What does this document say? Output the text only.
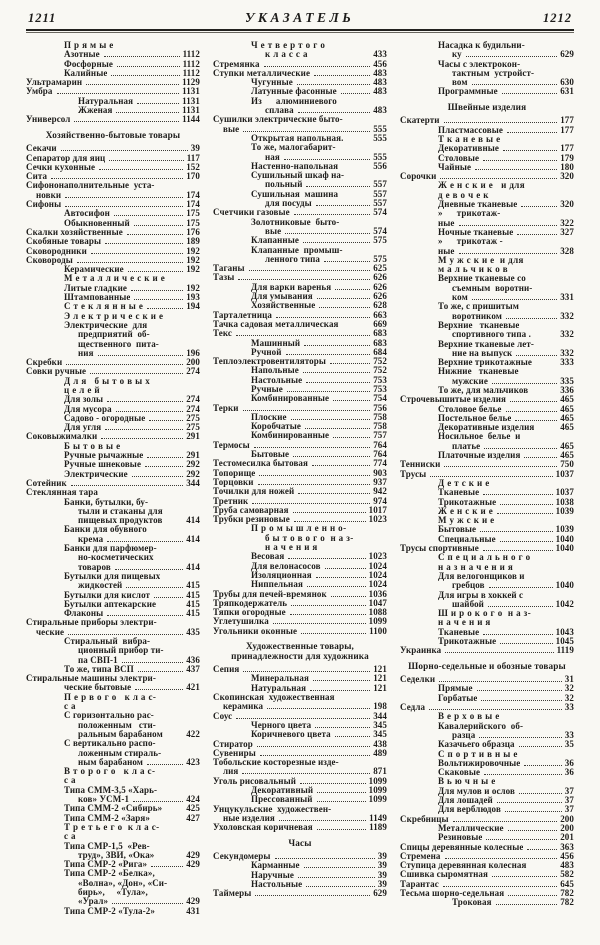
1211	УКАЗАТЕЛЬ	1212
П р я м ы е
Азотные	1112
Фосфорные	1112
Калийные	1112
Ультрамарин	1129
Умбра	1131
Натуральная	1131
Жженая	1131
Универсол	1144
Хозяйственно-бытовые товары
Секачи	39
Сепаратор для яиц	117
Сечки кухонные	152
Сита	170
Сифононаполнительные  уста-
новки	174
Сифоны	174
Автосифон	175
Обыкновенный	175
Скалки хозяйственные	176
Скобяные товары	189
Сковородники	192
Сковороды	192
Керамические	192
М е т а л л и ч е с к и е
Литые гладкие	192
Штампованные	193
С т е к л я н н ы е	194
Э л е к т р и ч е с к и е
Электрические  для
предприятий  об-
щественного  пита-
ния	196
Скребки	200
Совки ручные	274
Д л я   б ы т о в ы х
ц е л е й
Для золы	274
Для мусора	274
Садово - огородные	275
Для угля	275
Соковыжималки	291
Б ы т о в ы е
Ручные рычажные	291
Ручные шнековые	292
Электрические	292
Сотейник	344
Стеклянная тара
Банки, бутылки, бу-
тыли и стаканы для
пищевых продуктов	414
Банки для обувного
крема	414
Банки для парфюмер-
но-косметических
товаров	414
Бутылки для пищевых
жидкостей	415
Бутылки для кислот	415
Бутылки аптекарские	415
Флаконы	415
Стиральные приборы электри-
ческие	435
Стиральный  вибра-
ционный прибор ти-
па СВП-1	436
То же, типа ВСП	437
Стиральные машины электри-
ческие бытовые	421
П е р в о г о   к л а с-
с а
С горизонтально рас-
положенным   сти-
ральным барабаном	422
С вертикально распо-
ложенным стираль-
ным барабаном	423
В т о р о г о   к л а с-
с а
Типа СММ-3,5 «Харь-
ков» УСМ-1	424
Типа СММ-2 «Сибирь»	425
Типа СММ-2 «Заря»	427
Т р е т ь е г о  к л а с-
с а
Типа СМР-1,5  «Рев-
труд», ЗВИ, «Ока»	429
Типа СМР-2 «Рига»	429
Типа СМР-2 «Белка»,
«Волна», «Дон», «Си-
бирь»,     «Тула»,
«Урал»	429
Типа СМР-2 «Тула-2»	431
Ч е т в е р т о г о
к л а с с а	433
Стремянка	456
Ступки металлические	483
Чугунные	483
Латунные фасонные	483
Из      алюминиевого
сплава	483
Сушилки электрические быто-
вые	555
Открытая напольная.	555
То же, малогабарит-
ная	555
Настенно-напольная	556
Сушильный шкаф на-
польный	557
Сушильная  машина	557
для посуды	557
Счетчики газовые	574
Золотниковые  быто-
вые	574
Клапанные	575
Клапанные  промыш-
ленного типа	575
Таганы	625
Тазы	626
Для варки варенья	626
Для умывания	626
Хозяйственные	628
Тарталетница	663
Тачка садовая металлическая	669
Текс	683
Машинный	683
Ручной	684
Теплоэлектровентиляторы	752
Напольные	752
Настольные	753
Ручные	753
Комбинированные	754
Терки	756
Плоские	758
Коробчатые	758
Комбинированные	757
Термосы	764
Бытовые	764
Тестомесилка бытовая	774
Топорище	903
Торцовки	937
Точилки для ножей	942
Третник	974
Труба самоварная	1017
Трубки резиновые	1023
П р о м ы ш л е н н о-
б ы т о в о г о  н а з-
н а ч е н и я
Весовая	1023
Для велонасосов	1024
Изоляционная	1024
Ниппельная	1024
Трубы для печей-времянок	1036
Тряпкодержатель	1047
Тяпки огородные	1088
Углетушилка	1099
Угольники оконные	1100
Художественные товары, принадлежности для художника
Сепия	121
Минеральная	121
Натуральная	121
Скопинская  художественная
керамика	198
Соус	344
Черного цвета	345
Коричневого цвета	345
Стиратор	438
Сувениры	489
Тобольские косторезные изде-
лия	871
Уголь рисовальный	1099
Декоративный	1099
Прессованный	1099
Унцукульские  художествен-
ные изделия	1149
Ухоловская коричневая	1189
Часы
Секундомеры	39
Карманные	39
Наручные	39
Настольные	39
Таймеры	629
Насадка к будильни-
ку	629
Часы с электрокон-
тактным  устройст-
вом	630
Программные	631
Швейные изделия
Скатерти	177
Пластмассовые	177
Т к а н е в ы е
Декоративные	177
Столовые	179
Чайные	180
Сорочки	320
Ж е н с к и е   и для
д е в о ч е к
Дневные тканевые	320
»      трикотаж-
ные	322
Ночные тканевые	327
»      трикотаж -
ные	328
М у ж с к и е  и для
м а л ь ч и к о в
Верхние тканевые со
съемным  воротни-
ком	331
То же, с пришитым
воротником	332
Верхние   тканевые
спортивного типа .	332
Верхние тканевые лет-
ние на выпуск	332
Верхние трикотажные	333
Нижние   тканевые
мужские	335
То же, для мальчиков	336
Строчевышитые изделия	465
Столовое белье	465
Постельное белье	465
Декоративные изделия	465
Носильное  белье  и
платье	465
Платочные изделия	465
Тенниски	750
Трусы	1037
Д е т с к и е
Тканевые	1037
Трикотажные	1038
Ж е н с к и е	1039
М у ж с к и е
Бытовые	1039
Специальные	1040
Трусы спортивные	1040
С п е ц и а л ь н о г о
н а з н а ч е н и я
Для велогонщиков и
гребцов	1040
Для игры в хоккей с
шайбой	1042
Ш и р о к о г о  н а з-
н а ч е н и я
Тканевые	1043
Трикотажные	1045
Украинка	1119
Шорно-седельные и обозные товары
Седелки	31
Прямые	32
Горбатые	32
Седла	33
В е р х о в ы е
Кавалерийского  об-
разца	33
Казачьего образца	35
С п о р т и в н ы е
Вольтижировочные	36
Скаковые	36
В ь ю ч н ы е
Для мулов и ослов	37
Для лошадей	37
Для верблюдов	37
Скребницы	200
Металлические	200
Резиновые	201
Спицы деревянные колесные	363
Стремена	456
Ступица деревянная колесная	483
Сшивка сыромятная	582
Тарантас	645
Тесьма шорно-седельная	782
Троковая	782
